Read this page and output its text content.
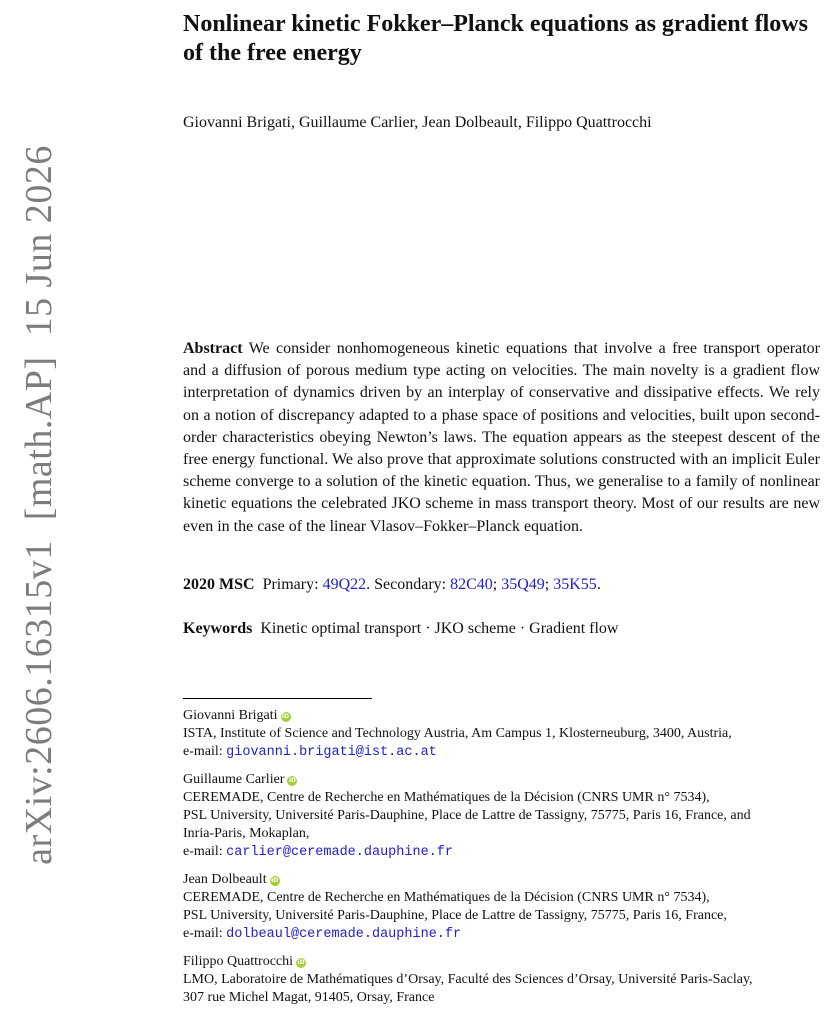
arXiv:2606.16315v1 [math.AP] 15 Jun 2026
Nonlinear kinetic Fokker–Planck equations as gradient flows of the free energy
Giovanni Brigati, Guillaume Carlier, Jean Dolbeault, Filippo Quattrocchi

Abstract We consider nonhomogeneous kinetic equations that involve a free transport operator and a diffusion of porous medium type acting on velocities. The main novelty is a gradient flow interpretation of dynamics driven by an interplay of conservative and dissipative effects. We rely on a notion of discrepancy adapted to a phase space of positions and velocities, built upon second-order characteristics obeying Newton’s laws. The equation appears as the steepest descent of the free energy functional. We also prove that approximate solutions constructed with an implicit Euler scheme converge to a solution of the kinetic equation. Thus, we generalise to a family of nonlinear kinetic equations the celebrated JKO scheme in mass transport theory. Most of our results are new even in the case of the linear Vlasov–Fokker–Planck equation.

2020 MSC Primary: 49Q22. Secondary: 82C40; 35Q49; 35K55.
Keywords Kinetic optimal transport · JKO scheme · Gradient flow
Giovanni Brigati iD
ISTA, Institute of Science and Technology Austria, Am Campus 1, Klosterneuburg, 3400, Austria,
e-mail: giovanni.brigati@ist.ac.at
Guillaume Carlier iD
CEREMADE, Centre de Recherche en Mathématiques de la Décision (CNRS UMR n° 7534),
PSL University, Université Paris-Dauphine, Place de Lattre de Tassigny, 75775, Paris 16, France, and
Inria-Paris, Mokaplan,
e-mail: carlier@ceremade.dauphine.fr
Jean Dolbeault iD
CEREMADE, Centre de Recherche en Mathématiques de la Décision (CNRS UMR n° 7534),
PSL University, Université Paris-Dauphine, Place de Lattre de Tassigny, 75775, Paris 16, France,
e-mail: dolbeaul@ceremade.dauphine.fr
Filippo Quattrocchi iD
LMO, Laboratoire de Mathématiques d’Orsay, Faculté des Sciences d’Orsay, Université Paris-Saclay,
307 rue Michel Magat, 91405, Orsay, France
